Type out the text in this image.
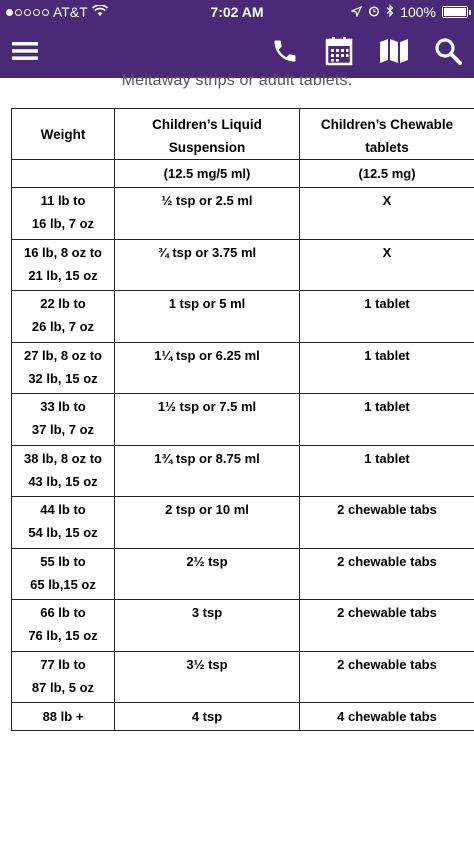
AT&T	7:02 AM	100%
Meltaway strips or adult tablets.
Weight	Children’s Liquid Suspension	Children’s Chewable tablets
	(12.5 mg/5 ml)	(12.5 mg)

11 lb to
16 lb, 7 oz	½ tsp or 2.5 ml	X

16 lb, 8 oz to
21 lb, 15 oz	¾ tsp or 3.75 ml	X

22 lb to
26 lb, 7 oz	1 tsp or 5 ml	1 tablet

27 lb, 8 oz to
32 lb, 15 oz	1¼ tsp or 6.25 ml	1 tablet

33 lb to
37 lb, 7 oz	1½ tsp or 7.5 ml	1 tablet

38 lb, 8 oz to
43 lb, 15 oz	1¾ tsp or 8.75 ml	1 tablet

44 lb to
54 lb, 15 oz	2 tsp or 10 ml	2 chewable tabs

55 lb to
65 lb,15 oz	2½ tsp	2 chewable tabs

66 lb to
76 lb, 15 oz	3 tsp	2 chewable tabs

77 lb to
87 lb, 5 oz	3½ tsp	2 chewable tabs

88 lb +	4 tsp	4 chewable tabs
